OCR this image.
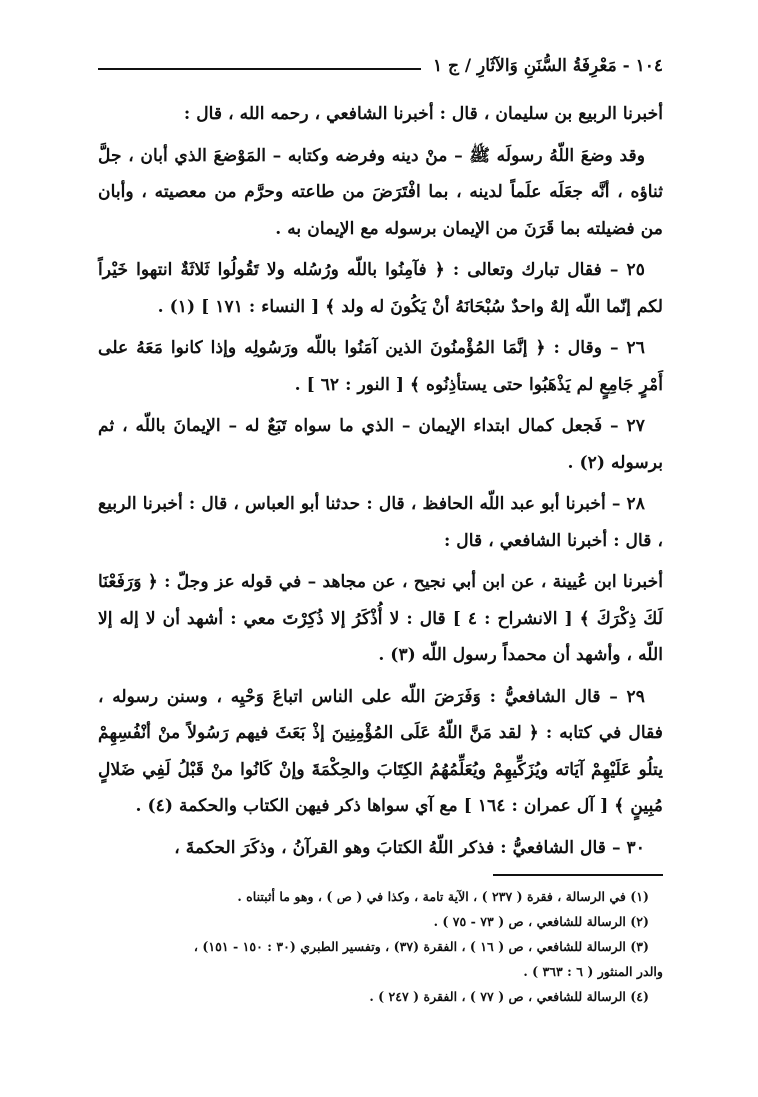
١٠٤ - مَعْرِفَةُ السُّنَنِ وَالآثَارِ / ج ١

أخبرنا الربيع بن سليمان ، قال : أخبرنا الشافعي ، رحمه الله ، قال :

وقد وضعَ اللّهُ رسولَه ﷺ – منْ دينه وفرضه وكتابه – المَوْضعَ الذي أبان ، جلَّ ثناؤه ، أنَّه جعَلَه علَماً لدينه ، بما افْتَرَضَ من طاعته وحرَّم من معصيته ، وأبان من فضيلته بما قَرَنَ من الإيمان برسوله مع الإيمان به .

٢٥ – فقال تبارك وتعالى : ﴿ فآمِنُوا باللّه ورُسُله ولا تَقُولُوا ثَلاثَةٌ انتهوا خَيْراً لكم إنّما اللّه إلهٌ واحدٌ سُبْحَانَهُ أنْ يَكُونَ له ولد ﴾ [ النساء : ١٧١ ] (١) .

٢٦ – وقال : ﴿ إنَّمَا المُؤْمنُونَ الذين آمَنُوا باللّه ورَسُولِه وإذا كانوا مَعَهُ على أَمْرٍ جَامِعٍ لم يَذْهَبُوا حتى يستأذِنُوه ﴾ [ النور : ٦٢ ] .

٢٧ – فَجعل كمال ابتداء الإيمان – الذي ما سواه تَبَعٌ له – الإيمانَ باللّه ، ثم برسوله (٢) .

٢٨ – أخبرنا أبو عبد اللّه الحافظ ، قال : حدثنا أبو العباس ، قال : أخبرنا الربيع ، قال : أخبرنا الشافعي ، قال :

أخبرنا ابن عُيينة ، عن ابن أبي نجيح ، عن مجاهد – في قوله عز وجلّ : ﴿ وَرَفَعْنَا لَكَ ذِكْرَكَ ﴾ [ الانشراح : ٤ ] قال : لا أُذْكَرُ إلا ذُكِرْتَ معي : أشهد أن لا إله إلا اللّه ، وأشهد أن محمداً رسول اللّه (٣) .

٢٩ – قال الشافعيُّ : وَفَرَضَ اللّه على الناس اتباعَ وَحْيِه ، وسنن رسوله ، فقال في كتابه : ﴿ لقد مَنَّ اللّهُ عَلَى المُؤْمِنِينَ إذْ بَعَثَ فيهم رَسُولاً منْ أنْفُسِهِمْ يتلُو عَلَيْهِمْ آيَاته ويُزَكِّيهِمْ ويُعَلِّمُهُمُ الكِتَابَ والحِكْمَةَ وإنْ كَانُوا منْ قَبْلُ لَفِي ضَلالٍ مُبِينٍ ﴾ [ آل عمران : ١٦٤ ] مع آي سواها ذكر فيهن الكتاب والحكمة (٤) .

٣٠ – قال الشافعيُّ : فذكر اللّهُ الكتابَ وهو القرآنُ ، وذكَرَ الحكمةَ ،

(١) في الرسالة ، فقرة ( ٢٣٧ ) ، الآية تامة ، وكذا في ( ص ) ، وهو ما أثبتناه .

(٢) الرسالة للشافعي ، ص ( ٧٣ - ٧٥ ) .

(٣) الرسالة للشافعي ، ص ( ١٦ ) ، الفقرة (٣٧) ، وتفسير الطبري (٣٠ : ١٥٠ - ١٥١) ،

والدر المنثور ( ٦ : ٣٦٣ ) .

(٤) الرسالة للشافعي ، ص ( ٧٧ ) ، الفقرة ( ٢٤٧ ) .
